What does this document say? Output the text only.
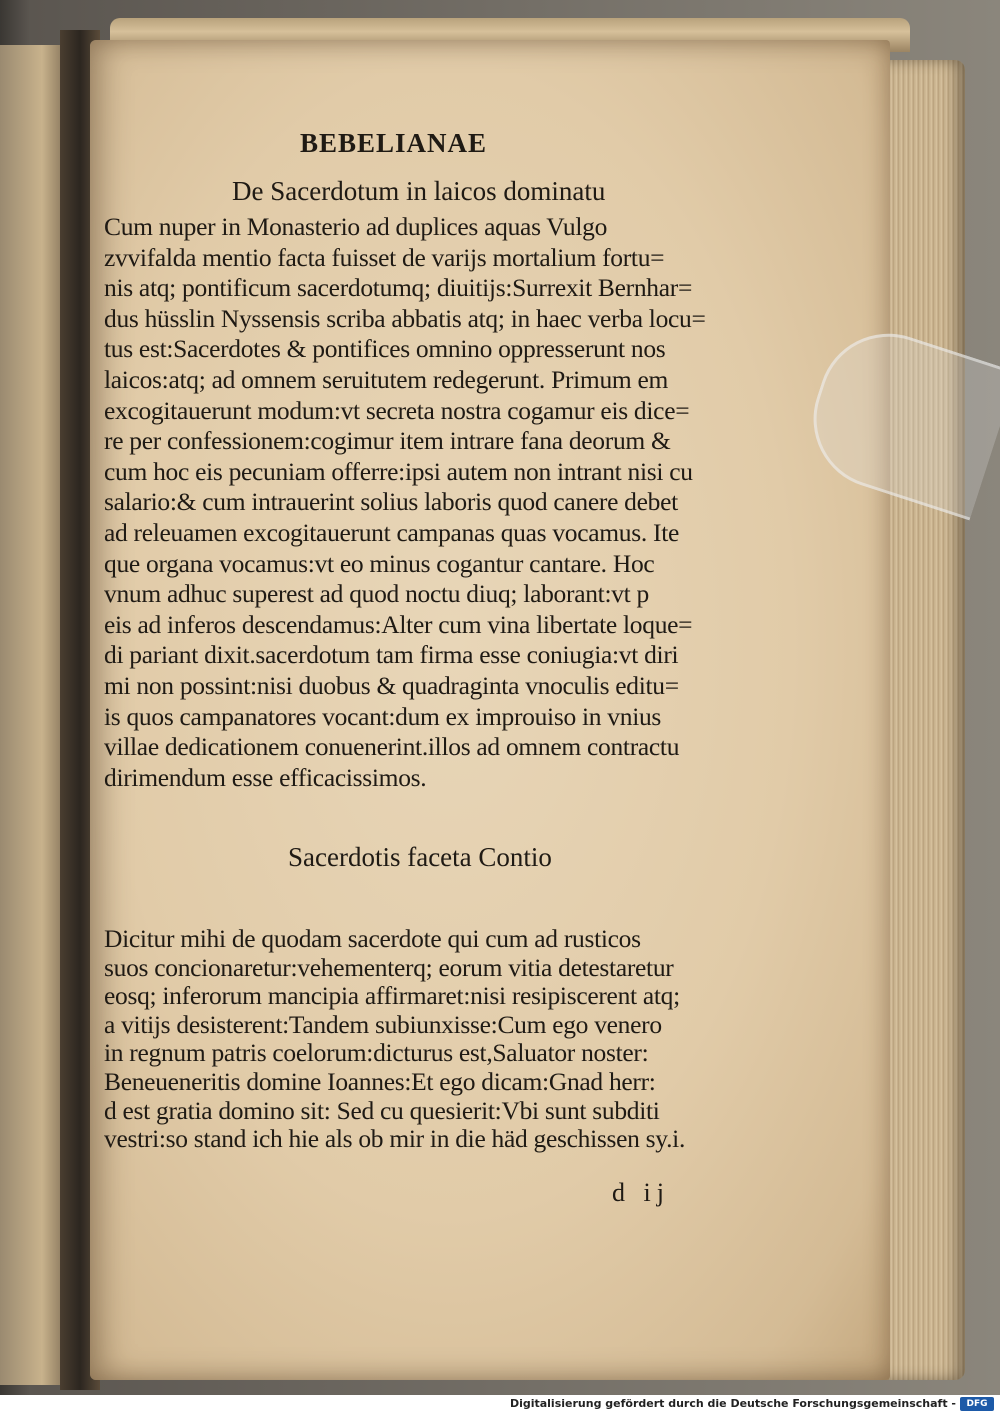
BEBELIANAE
De Sacerdotum in laicos dominatu
Cum nuper in Monasterio ad duplices aquas Vulgo
zvvifalda mentio facta fuisset de varijs mortalium fortu=
nis atq; pontificum sacerdotumq; diuitijs:Surrexit Bernhar=
dus hüsslin Nyssensis scriba abbatis atq; in haec verba locu=
tus est:Sacerdotes & pontifices omnino oppresserunt nos
laicos:atq; ad omnem seruitutem redegerunt. Primum em
excogitauerunt modum:vt secreta nostra cogamur eis dice=
re per confessionem:cogimur item intrare fana deorum &
cum hoc eis pecuniam offerre:ipsi autem non intrant nisi cu
salario:& cum intrauerint solius laboris quod canere debet
ad releuamen excogitauerunt campanas quas vocamus. Ite
que organa vocamus:vt eo minus cogantur cantare. Hoc
vnum adhuc superest ad quod noctu diuq; laborant:vt p
eis ad inferos descendamus:Alter cum vina libertate loque=
di pariant dixit.sacerdotum tam firma esse coniugia:vt diri
mi non possint:nisi duobus & quadraginta vnoculis editu=
is quos campanatores vocant:dum ex improuiso in vnius
villae dedicationem conuenerint.illos ad omnem contractu
dirimendum esse efficacissimos.
Sacerdotis faceta Contio
Dicitur mihi de quodam sacerdote qui cum ad rusticos
suos concionaretur:vehementerq; eorum vitia detestaretur
eosq; inferorum mancipia affirmaret:nisi resipiscerent atq;
a vitijs desisterent:Tandem subiunxisse:Cum ego venero
in regnum patris coelorum:dicturus est,Saluator noster:
Beneueneritis domine Ioannes:Et ego dicam:Gnad herr:
d est gratia domino sit: Sed cu quesierit:Vbi sunt subditi
vestri:so stand ich hie als ob mir in die häd geschissen sy.i.
d ij
Digitalisierung gefördert durch die Deutsche Forschungsgemeinschaft -	DFG
